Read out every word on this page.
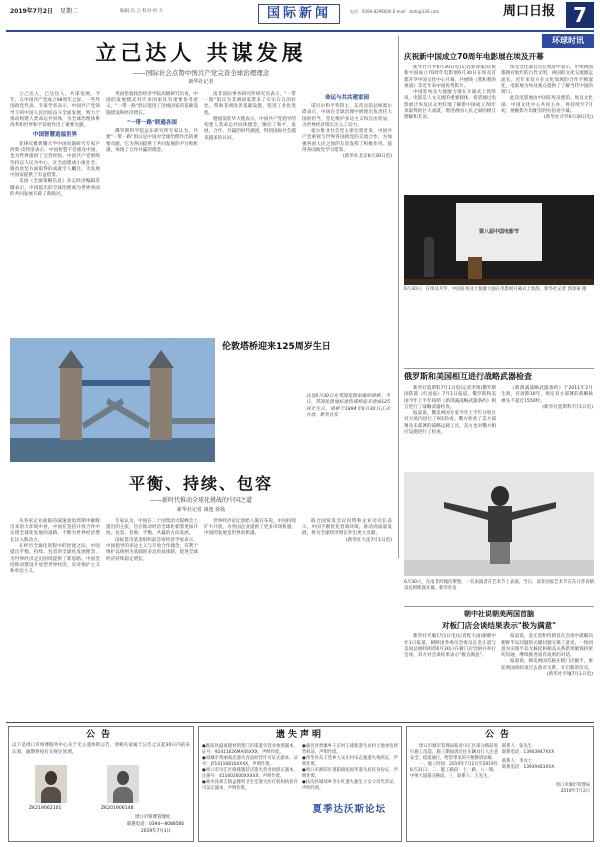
2019年7月2日 星期二	编辑·冯 云 校对·何 方	国际新闻	电话：0394-8296000 E-mail：zkrb@126.com	周口日报 7
立己达人 共谋发展
——国际社会点赞中国共产党完善全球治理理念
新华社记者

立己达人，已达达人，共谋发展。今年，在中国共产党成立98周年之际，一些外国政党代表、专家学者表示，中国共产党领导下的中国人民团结奋斗全面发展，致力于推动构建人类命运共同体，为全球治理体系改革和世界和平发展作出了重要贡献。

中国智慧造福世界

菲律宾雅典耀大学中国问题研究专家卢西奥·皮特洛表示，中国智慧不仅惠及中国，也为世界提供了宝贵经验。中国共产党始终坚持以人民为中心，在全面建成小康社会、脱贫攻坚方面取得的成就令人瞩目，为发展中国家提供了有益借鉴。

美国《全球策略信息》杂志经济编辑苏珊表示，中国提出的全球治理观为世界各国的共同发展开辟了新路径。

英国伦敦政治经济学院高级研究员说，中国的发展模式对许多国家具有重要参考意义，"一带一路"倡议促进了沿线国家的基础设施建设和经济增长。

"一带一路"联通各国

俄罗斯科学院远东研究所专家认为，共建"一带一路"倡议是中国对全球治理作出的重要贡献，它为各国提供了共同发展的平台和机遇，体现了合作共赢的理念。

南非国际事务研究所研究员表示，"一带一路"倡议为非洲国家带来了实实在在的好处，帮助非洲改善基础设施、促进工业化进程。

德国前驻华大使表示，中国共产党倡导的构建人类命运共同体理念，顺应了和平、发展、合作、共赢的时代潮流，得到国际社会越来越多的认同。

命运与共共建家园

诺贝尔和平奖得主、东帝汶前总统奥尔塔表示，中国在全球治理中展现出负责任大国的担当，坚定维护多边主义和自由贸易，为世界经济增长注入了动力。

塞尔维亚社会党主席达契奇说，中国共产党重视与世界各国政党的交流合作，为加强各国人民之间的友谊发挥了积极作用，值得各国政党学习借鉴。

(新华社北京6月30日电)
环球时讯
庆祝新中国成立70周年电影展在埃及开幕

新华社开罗6月30日电(记者郭春菊)庆祝新中国成立70周年电影展6月30日在埃及首都开罗中国文化中心开幕，共展映《我和我的祖国》等近年来中国优秀影片。

中国驻埃及大使廖力强在开幕式上致辞说，电影是人文交流的重要载体，希望通过电影展让埃及民众更好地了解新中国成立70年来取得的巨大成就，增进两国人民之间的相互理解和友谊。

埃及文化部官员在致辞中表示，中埃两国都拥有灿烂的古代文明，两国的文化交流源远流长，近年来双方在文化领域的合作不断深化，电影展为埃及观众提供了了解当代中国的窗口。

此次电影展由中国驻埃及使馆、埃及文化部、中国文化中心共同主办，将持续至7月初，展映影片均配有阿拉伯语字幕。

(新华社开罗6月30日电)
第八届中国电影节
6月30日，在埃及开罗，中国驻埃及大使廖力强在电影展开幕式上致辞。新华社记者 郭春菊 摄
伦敦塔桥迎来125周岁生日
这是6月30日在英国伦敦拍摄的塔桥。当日，英国伦敦地标建筑塔桥迎来建成125周年生日。塔桥于1894年6月30日正式开放。新华社发
俄罗斯和美国相互进行战略武器检查

新华社莫斯科7月1日电(记者李奥)俄罗斯国防部《红星报》7月1日报道，俄罗斯和美国今年上半年按照《新削减战略武器条约》相互进行了战略武器检查。

报道说，俄美两国专家今年上半年分别在对方境内进行了9次检查。俄方检查了美方部署及未部署的战略运载工具，美方也对俄方相应设施进行了检查。

《新削减战略武器条约》于2011年2月生效，有效期10年，规定双方部署的战略核弹头不超过1550枚。

(新华社莫斯科7月1日电)
6月30日，在南非约翰内斯堡，一名表演者在艺术节上表演。当日，南非国家艺术节在东开普省格雷厄姆斯敦开幕。新华社发
平衡、持续、包容
——新时代推动全球化挑战的中国之道
新华社记者 康逸 徐扬

从各家企业面临的减速衰退周期中解脱出来的大环境中看，中国在坚持开放合作中实现全球化发展的道路，不断为世界经济增长注入新动力。

在经历全球化进程中的逆流之际，中国提出平衡、持续、包容的全球化发展理念，为世界经济走出困境提供了新思路。中国坚持推动建设开放型世界经济，反对保护主义和单边主义。

专家认为，中国在二十国集团大阪峰会上提出的主张，旨在推动经济全球化朝着更加开放、包容、普惠、平衡、共赢的方向发展。

国际货币基金组织前首席经济学家表示，中国倡导的多边主义与开放合作理念，有利于维护以规则为基础的多边贸易体制，促进全球经济持续稳定增长。

世界经济论坛创始人施瓦布说，中国持续扩大开放，为各国企业提供了更多市场机遇，中国的发展是世界的机遇。

联合国贸发会议投资和企业司司长表示，中国不断优化营商环境，推动高质量发展，将为全球经济增长作出更大贡献。

(新华社大连7月1日电)
夏季达沃斯论坛
朝中社说朝美两国首脑
对板门店会谈结果表示"极为满意"

新华社平壤7月1日电(记者程大雨)据朝中社1日报道，朝鲜国务委员会委员长金正恩与美国总统特朗普6月30日在板门店会晤并举行会谈，双方对会谈结果表示"极为满意"。

报道说，金正恩和特朗普在会谈中就解决朝鲜半岛问题的关键问题交换了意见，一致同意为实现半岛无核化和朝美关系新突破保持密切沟通，继续推进富有成果的对话。

报道说，朝美两国首脑在板门店握手，象征两国将结束过去敌对关系，开启新的历史。

(新华社平壤7月1日电)
公告
以下是周口市殡葬服务中心关于无主遗体的公告，请相关家属于公告之日起30日内前来认领，逾期将按有关规定处理。
ZK219062101	ZK201906148
周口市殡葬管理处
联系电话：0394—8088566
2019年7月1日
遗失声明
●淮阳县盛豪建材销售门市部遗失营业执照副本，证号：92411626MA4SXXX，声明作废。
●项城市秀丽商店遗失食品经营许可证正副本，证号：JY14116810XXXX，声明作废。
●周口市川汇区晓燕服装店遗失营业执照正副本，注册号：411602600XXXXX，声明作废。
●商水县胡吉镇孟楼村卫生室遗失医疗机构执业许可证正副本，声明作废。
●鹿邑县贾滩乡王庄村王建新遗失农村土地承包经营权证，声明作废。
●西华县东王营乡大宋庄村宋志强遗失残疾证，声明作废。
●周口市淮阳区淮阳镇张国华遗失居民身份证，声明作废。
●扶沟县城郊乡李小红遗失独生子女父母光荣证，声明作废。
公告

周口市城市管理局拟对川汇区部分路段进行施工改造，施工期间请过往车辆及行人注意安全，绕道通行，给您带来的不便敬请谅解。

一、施工时间：2019年7月2日至2019年8月31日。二、施工路段：七一路、八一路、中州大道部分路段。三、联系人：王先生。

联系人：张先生
联系电话：13903947XXX
联系人：李女士
联系电话：13939483XXX
周口市城市管理局
2019年7月2日
